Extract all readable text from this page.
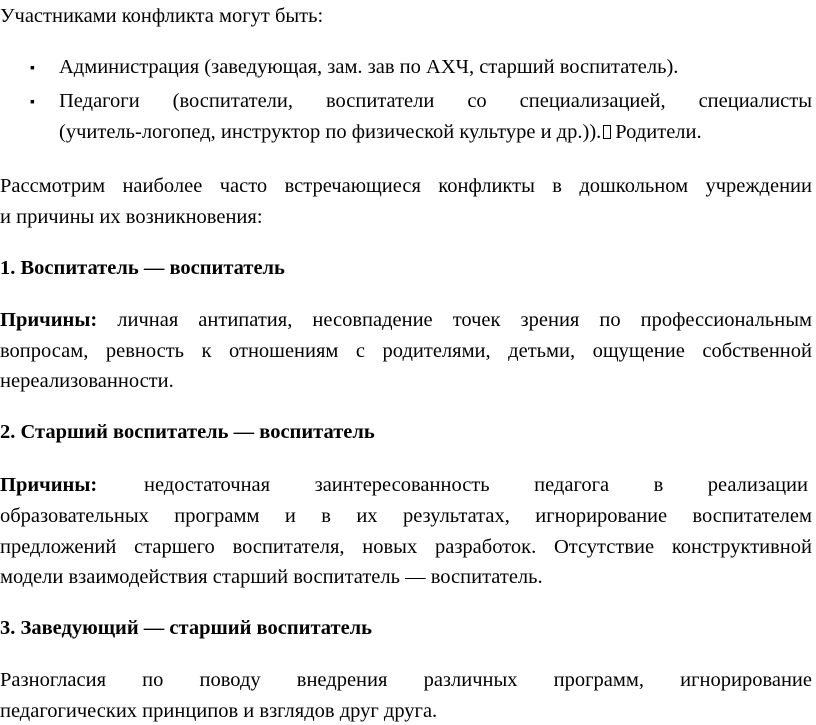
Участниками конфликта могут быть:
▪ Администрация (заведующая, зам. зав по АХЧ, старший воспитатель).
▪ Педагоги (воспитатели, воспитатели со специализацией, специалисты
(учитель-логопед, инструктор по физической культуре и др.)). Родители.
Рассмотрим наиболее часто встречающиеся конфликты в дошкольном учреждении
и причины их возникновения:
1. Воспитатель — воспитатель
Причины: личная антипатия, несовпадение точек зрения по профессиональным
вопросам, ревность к отношениям с родителями, детьми, ощущение собственной
нереализованности.
2. Старший воспитатель — воспитатель
Причины: недостаточная заинтересованность педагога в реализации
образовательных программ и в их результатах, игнорирование воспитателем
предложений старшего воспитателя, новых разработок. Отсутствие конструктивной
модели взаимодействия старший воспитатель — воспитатель.
3. Заведующий — старший воспитатель
Разногласия по поводу внедрения различных программ, игнорирование
педагогических принципов и взглядов друг друга.
